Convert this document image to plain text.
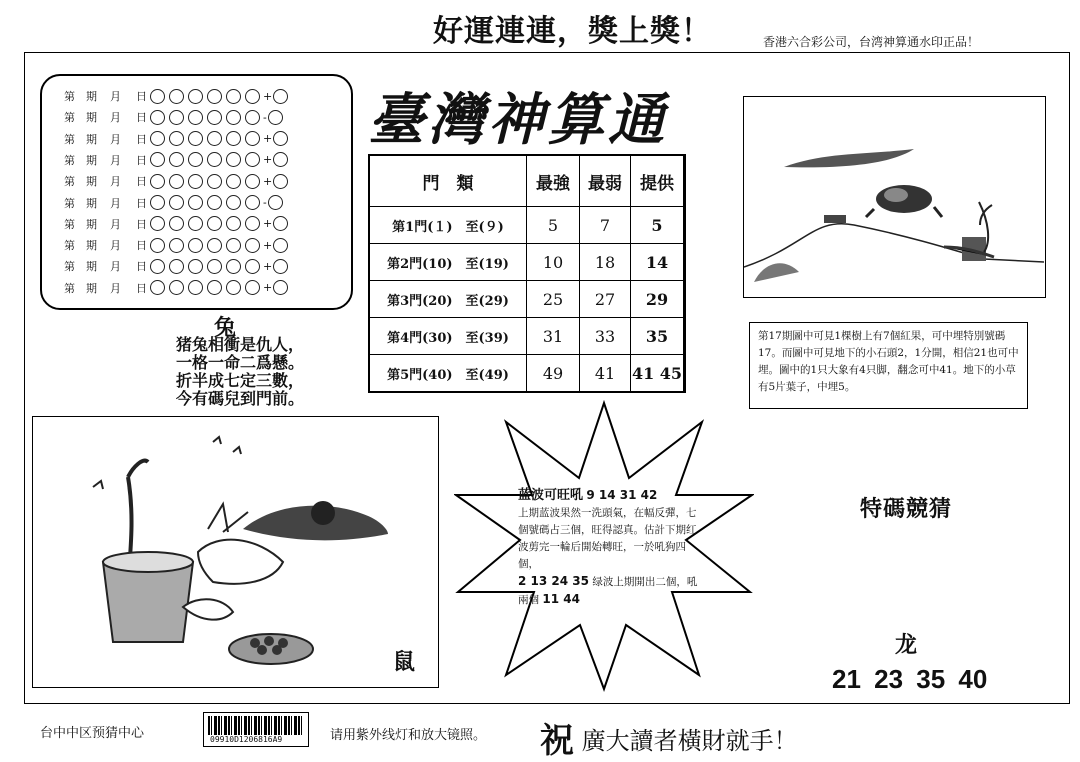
好運連連，獎上獎！	香港六合彩公司，台湾神算通水印正品！
第　期	月	日	+
第　期	月	日	-
第　期	月	日	+
第　期	月	日	+
第　期	月	日	+
第　期	月	日	-
第　期	月	日	+
第　期	月	日	+
第　期	月	日	+
第　期	月	日	+
臺灣神算通
門　類	最強	最弱	提供
第1門(１)　至(９)	5	7	5
第2門(10)　至(19)	10	18	14
第3門(20)　至(29)	25	27	29
第4門(30)　至(39)	31	33	35
第5門(40)　至(49)	49	41	41 45
兔
猪兔相衝是仇人，
一格一命二爲懸。
折半成七定三數，
今有碼兒到門前。
第17期圖中可見1棵樹上有7個紅果，可中埋特別號碼17。而圖中可見地下的小石頭2，1分開，相信21也可中埋。圖中的1只大象有4只脚，翻念可中41。地下的小草有5片葉子，中埋5。
鼠
蓝波可旺吼 9 14 31 42
上期蓝波果然一洗頭氣，在幅反彈，七個號碼占三個，旺得認真。估計下期红波剪完一輪后開始轉旺，一於吼狗四個，
2 13 24 35 绿波上期開出二個，吼兩個 11 44
特碼競猜
龙
21 23 35 40
台中中区预猜中心	09910D1206816A9	请用紫外线灯和放大镜照。 祝 廣大讀者橫財就手！
